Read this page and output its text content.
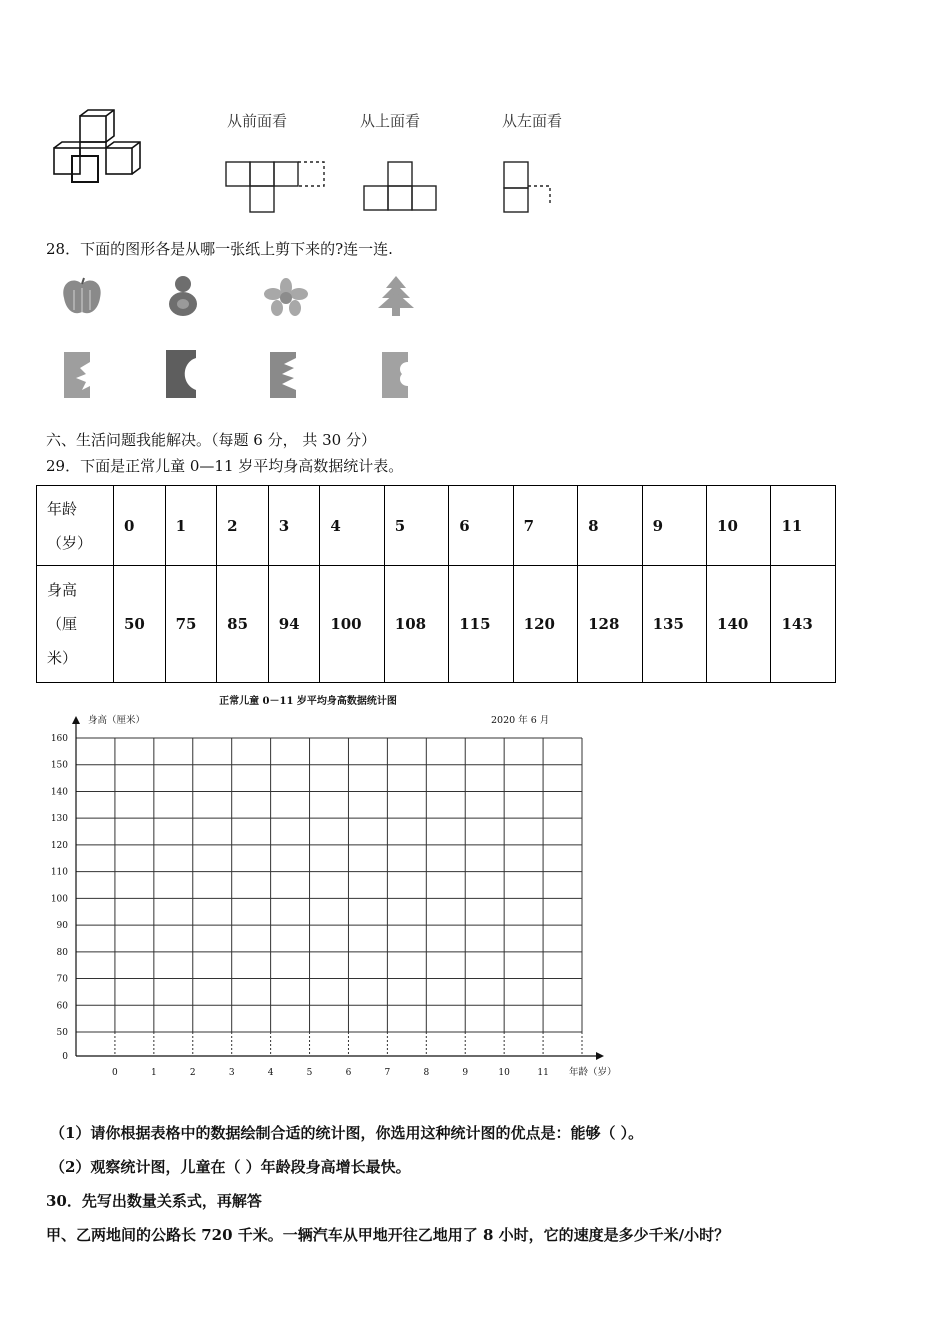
从前面看	从上面看	从左面看
28．下面的图形各是从哪一张纸上剪下来的?连一连.
六、生活问题我能解决。（每题 6 分， 共 30 分）
29．下面是正常儿童 0—11 岁平均身高数据统计表。
年龄
（岁）	0	1	2	3	4	5	6	7	8	9	10	11

身高
（厘
米）	50	75	85	94	100	108	115	120	128	135	140	143
正常儿童 0－11 岁平均身高数据统计图
身高（厘米）	2020 年 6 月
年龄（岁）
0
50
60
70
80
90
100
110
120
130
140
150
160
0	1	2	3	4	5	6	7	8	9	10	11
（1）请你根据表格中的数据绘制合适的统计图，你选用这种统计图的优点是：能够（ ）。
（2）观察统计图，儿童在（ ）年龄段身高增长最快。
30．先写出数量关系式，再解答
甲、乙两地间的公路长 720 千米。一辆汽车从甲地开往乙地用了 8 小时，它的速度是多少千米/小时？
